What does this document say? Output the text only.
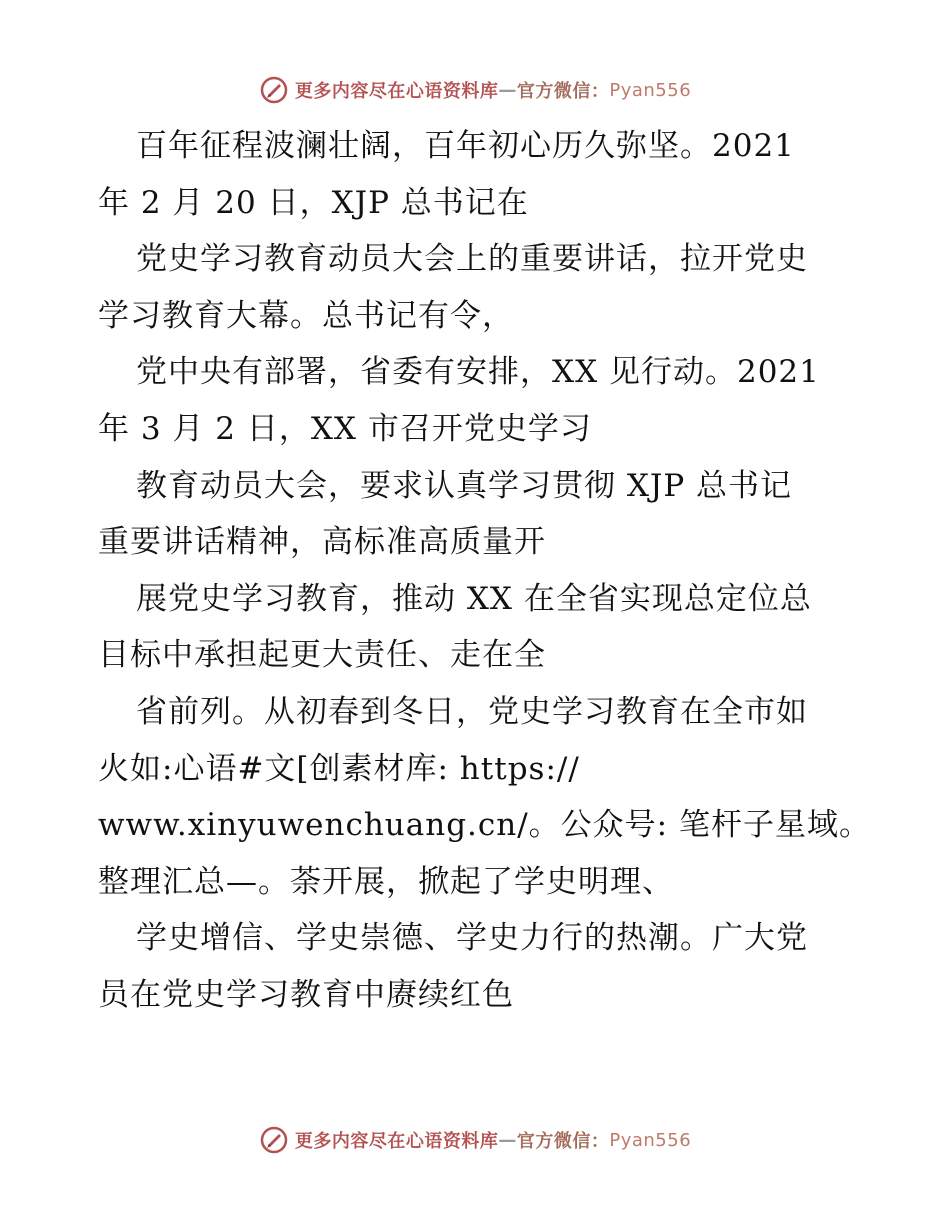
更多内容尽在心语资料库 — 官方微信： Pyan556
百年征程波澜壮阔，百年初心历久弥坚。2021
年 2 月 20 日，XJP 总书记在
党史学习教育动员大会上的重要讲话，拉开党史
学习教育大幕。总书记有令，
党中央有部署，省委有安排，XX 见行动。2021
年 3 月 2 日，XX 市召开党史学习
教育动员大会，要求认真学习贯彻 XJP 总书记
重要讲话精神，高标准高质量开
展党史学习教育，推动 XX 在全省实现总定位总
目标中承担起更大责任、走在全
省前列。从初春到冬日，党史学习教育在全市如
火如:心语#文[创素材库: https://
www.xinyuwenchuang.cn/。公众号: 笔杆子星域。
整理汇总—。荼开展，掀起了学史明理、
学史增信、学史崇德、学史力行的热潮。广大党
员在党史学习教育中赓续红色
更多内容尽在心语资料库 — 官方微信： Pyan556
